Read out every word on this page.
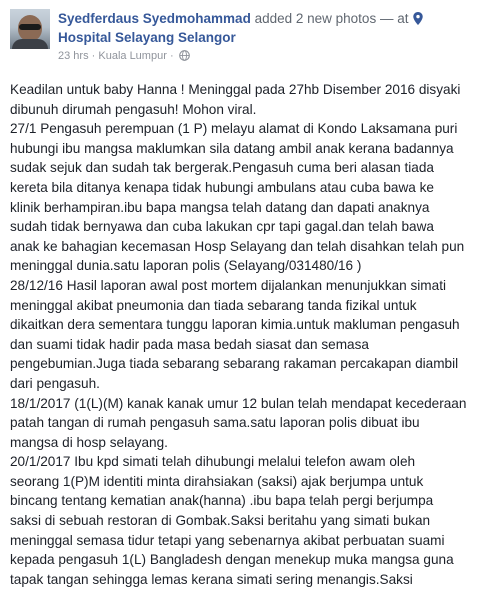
Syedferdaus Syedmohammad added 2 new photos — at
Hospital Selayang Selangor
23 hrs · Kuala Lumpur ·

Keadilan untuk baby Hanna ! Meninggal pada 27hb Disember 2016 disyaki

dibunuh dirumah pengasuh! Mohon viral.

27/1 Pengasuh perempuan (1 P) melayu alamat di Kondo Laksamana puri

hubungi ibu mangsa maklumkan sila datang ambil anak kerana badannya

sudak sejuk dan sudah tak bergerak.Pengasuh cuma beri alasan tiada

kereta bila ditanya kenapa tidak hubungi ambulans atau cuba bawa ke

klinik berhampiran.ibu bapa mangsa telah datang dan dapati anaknya

sudah tidak bernyawa dan cuba lakukan cpr tapi gagal.dan telah bawa

anak ke bahagian kecemasan Hosp Selayang dan telah disahkan telah pun

meninggal dunia.satu laporan polis (Selayang/031480/16 )

28/12/16 Hasil laporan awal post mortem dijalankan menunjukkan simati

meninggal akibat pneumonia dan tiada sebarang tanda fizikal untuk

dikaitkan dera sementara tunggu laporan kimia.untuk makluman pengasuh

dan suami tidak hadir pada masa bedah siasat dan semasa

pengebumian.Juga tiada sebarang sebarang rakaman percakapan diambil

dari pengasuh.

18/1/2017 (1(L)(M) kanak kanak umur 12 bulan telah mendapat kecederaan

patah tangan di rumah pengasuh sama.satu laporan polis dibuat ibu

mangsa di hosp selayang.

20/1/2017 Ibu kpd simati telah dihubungi melalui telefon awam oleh

seorang 1(P)M identiti minta dirahsiakan (saksi) ajak berjumpa untuk

bincang tentang kematian anak(hanna) .ibu bapa telah pergi berjumpa

saksi di sebuah restoran di Gombak.Saksi beritahu yang simati bukan

meninggal semasa tidur tetapi yang sebenarnya akibat perbuatan suami

kepada pengasuh 1(L) Bangladesh dengan menekup muka mangsa guna

tapak tangan sehingga lemas kerana simati sering menangis.Saksi
